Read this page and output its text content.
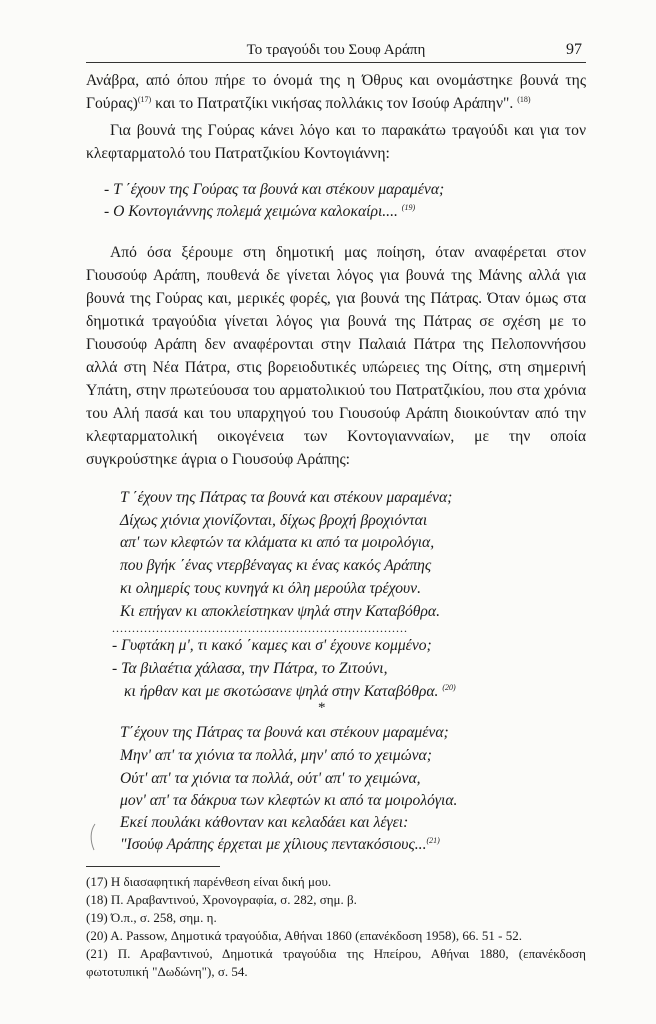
Το τραγούδι του Σουφ Αράπη	97
Ανάβρα, από όπου πήρε το όνομά της η Όθρυς και ονομάστηκε βουνά της
Γούρας)$^{(17)}$ και το Πατρατζίκι νικήσας πολλάκις τον Ισούφ Αράπην". $^{(18)}$
Για βουνά της Γούρας κάνει λόγο και το παρακάτω τραγούδι και για τον
κλεφταρματολό του Πατρατζικίου Κοντογιάννη:
- Τ ΄έχουν της Γούρας τα βουνά και στέκουν μαραμένα;
- Ο Κοντογιάννης πολεμά χειμώνα καλοκαίρι.... $^{(19)}$
Από όσα ξέρουμε στη δημοτική μας ποίηση, όταν αναφέρεται στον
Γιουσούφ Αράπη, πουθενά δε γίνεται λόγος για βουνά της Μάνης αλλά για
βουνά της Γούρας και, μερικές φορές, για βουνά της Πάτρας. Όταν όμως στα
δημοτικά τραγούδια γίνεται λόγος για βουνά της Πάτρας σε σχέση με το
Γιουσούφ Αράπη δεν αναφέρονται στην Παλαιά Πάτρα της Πελοποννήσου
αλλά στη Νέα Πάτρα, στις βορειοδυτικές υπώρειες της Οίτης, στη σημερινή
Υπάτη, στην πρωτεύουσα του αρματολικιού του Πατρατζικίου, που στα χρόνια
του Αλή πασά και του υπαρχηγού του Γιουσούφ Αράπη διοικούνταν από την
κλεφταρματολική οικογένεια των Κοντογιανναίων, με την οποία
συγκρούστηκε άγρια ο Γιουσούφ Αράπης:
Τ ΄έχουν της Πάτρας τα βουνά και στέκουν μαραμένα;
Δίχως χιόνια χιονίζονται, δίχως βροχή βροχιόνται
απ' των κλεφτών τα κλάματα κι από τα μοιρολόγια,
που βγήκ ΄ένας ντερβέναγας κι ένας κακός Αράπης
κι ολημερίς τους κυνηγά κι όλη μερούλα τρέχουν.
Κι επήγαν κι αποκλείστηκαν ψηλά στην Καταβόθρα.
..........................................................................
- Γυφτάκη μ', τι κακό ΄καμες και σ' έχουνε κομμένο;
- Τα βιλαέτια χάλασα, την Πάτρα, το Ζιτούνι,
κι ήρθαν και με σκοτώσανε ψηλά στην Καταβόθρα. $^{(20)}$
*
Τ΄έχουν της Πάτρας τα βουνά και στέκουν μαραμένα;
Μην' απ' τα χιόνια τα πολλά, μην' από το χειμώνα;
Ούτ' απ' τα χιόνια τα πολλά, ούτ' απ' το χειμώνα,
μον' απ' τα δάκρυα των κλεφτών κι από τα μοιρολόγια.
Εκεί πουλάκι κάθονταν και κελαδάει και λέγει:
"Ισούφ Αράπης έρχεται με χίλιους πεντακόσιους...$^{(21)}$
(17) Η διασαφητική παρένθεση είναι δική μου.
(18) Π. Αραβαντινού, Χρονογραφία, σ. 282, σημ. β.
(19) Ό.π., σ. 258, σημ. η.
(20) A. Passow, Δημοτικά τραγούδια, Αθήναι 1860 (επανέκδοση 1958), 66. 51 - 52.
(21) Π. Αραβαντινού, Δημοτικά τραγούδια της Ηπείρου, Αθήναι 1880, (επανέκδοση
φωτοτυπική "Δωδώνη"), σ. 54.
